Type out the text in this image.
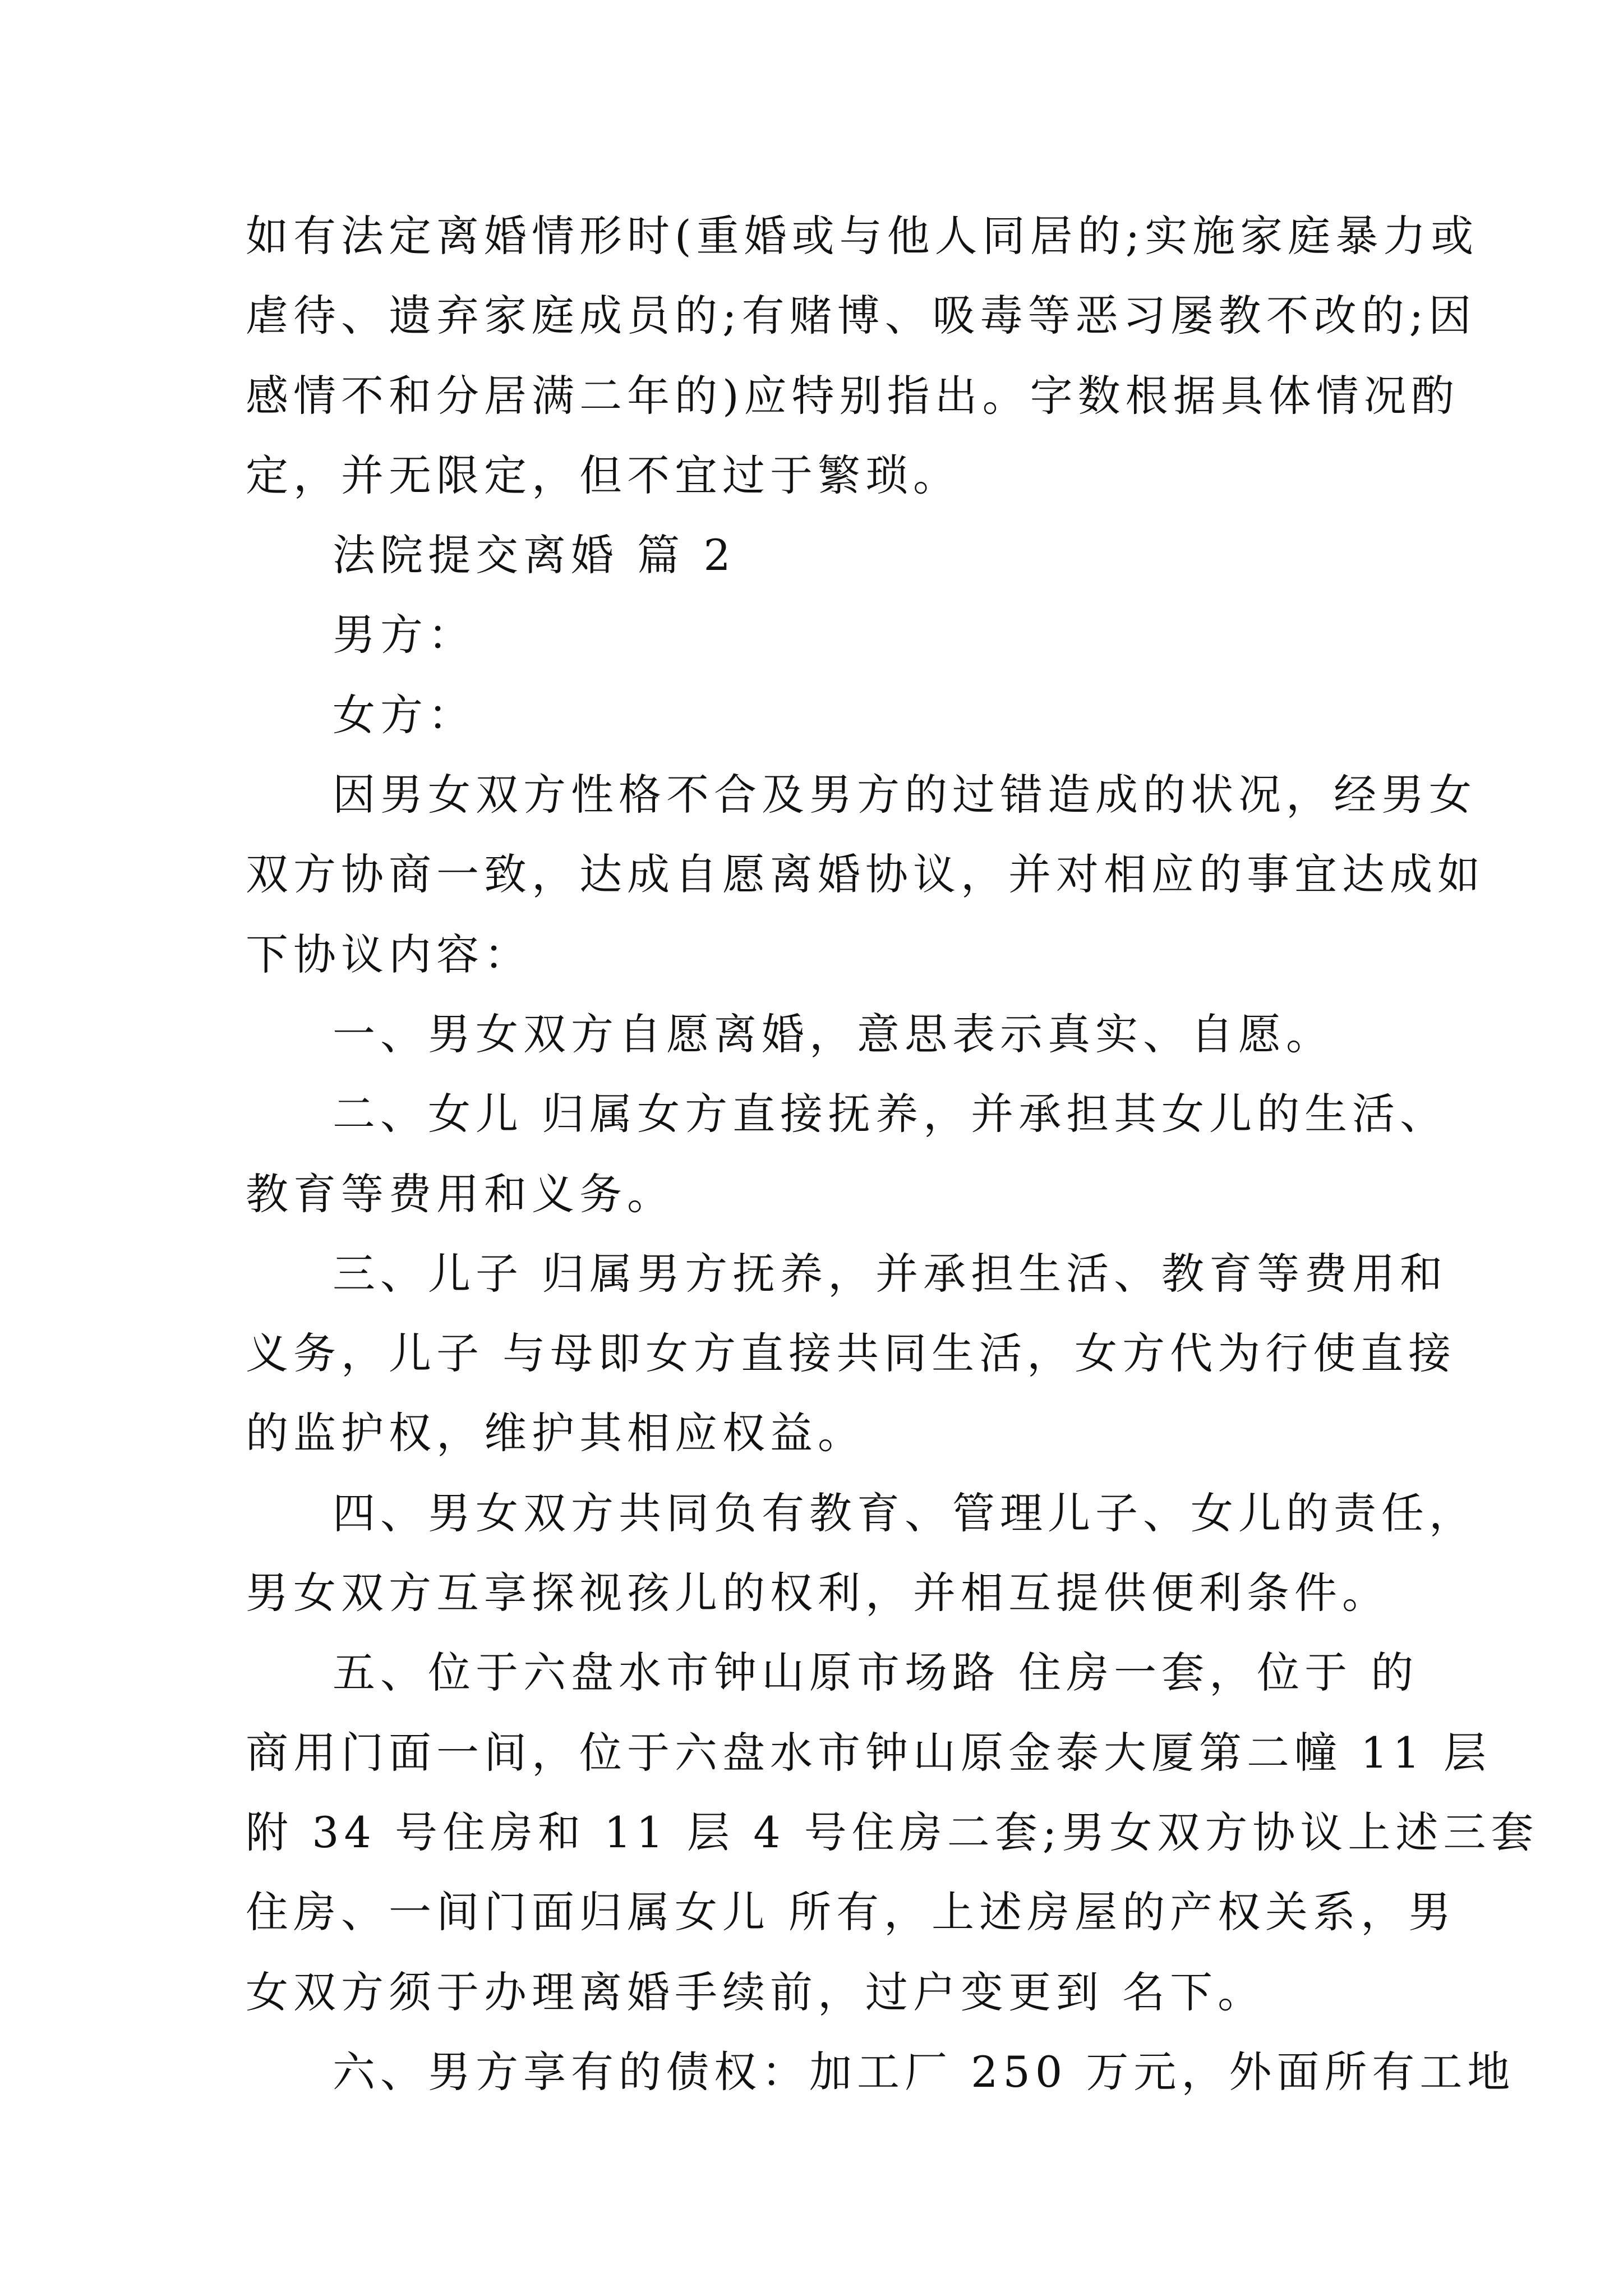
如有法定离婚情形时(重婚或与他人同居的;实施家庭暴力或
虐待、遗弃家庭成员的;有赌博、吸毒等恶习屡教不改的;因
感情不和分居满二年的)应特别指出。字数根据具体情况酌
定，并无限定，但不宜过于繁琐。
法院提交离婚 篇 2
男方：
女方：
因男女双方性格不合及男方的过错造成的状况，经男女
双方协商一致，达成自愿离婚协议，并对相应的事宜达成如
下协议内容：
一、男女双方自愿离婚，意思表示真实、自愿。
二、女儿 归属女方直接抚养，并承担其女儿的生活、
教育等费用和义务。
三、儿子 归属男方抚养，并承担生活、教育等费用和
义务，儿子 与母即女方直接共同生活，女方代为行使直接
的监护权，维护其相应权益。
四、男女双方共同负有教育、管理儿子、女儿的责任，
男女双方互享探视孩儿的权利，并相互提供便利条件。
五、位于六盘水市钟山原市场路 住房一套，位于 的
商用门面一间，位于六盘水市钟山原金泰大厦第二幢 11 层
附 34 号住房和 11 层 4 号住房二套;男女双方协议上述三套
住房、一间门面归属女儿 所有，上述房屋的产权关系，男
女双方须于办理离婚手续前，过户变更到 名下。
六、男方享有的债权：加工厂 250 万元，外面所有工地
